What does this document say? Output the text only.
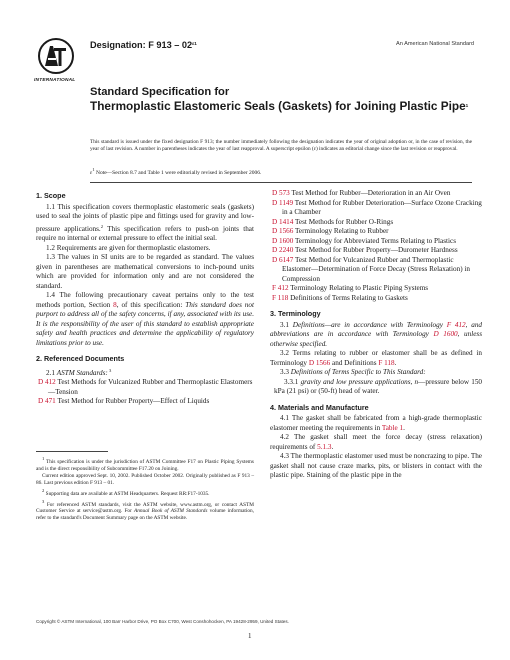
INTERNATIONAL
Designation: F $913 - 02^{\varepsilon 1}$	An American National Standard
Standard Specification for
Thermoplastic Elastomeric Seals (Gaskets) for Joining Plastic Pipe$^1$
This standard is issued under the fixed designation F 913; the number immediately following the designation indicates the year of original adoption or, in the case of revision, the year of last revision. A number in parentheses indicates the year of last reapproval. A superscript epsilon (ε) indicates an editorial change since the last revision or reapproval.
$\varepsilon^1$ Note—Section 8.7 and Table 1 were editorially revised in September 2006.

1. Scope

1.1 This specification covers thermoplastic elastomeric seals (gaskets) used to seal the joints of plastic pipe and fittings used for gravity and low-pressure applications.$^2$ This specification refers to push-on joints that require no internal or external pressure to effect the initial seal.

1.2 Requirements are given for thermoplastic elastomers.

1.3 The values in SI units are to be regarded as standard. The values given in parentheses are mathematical conversions to inch-pound units which are provided for information only and are not considered the standard.

1.4 The following precautionary caveat pertains only to the test methods portion, Section 8, of this specification: This standard does not purport to address all of the safety concerns, if any, associated with its use. It is the responsibility of the user of this standard to establish appropriate safety and health practices and determine the applicability of regulatory limitations prior to use.

2. Referenced Documents

2.1 ASTM Standards: $^3$

D 412 Test Methods for Vulcanized Rubber and Thermoplastic Elastomers—Tension

D 471 Test Method for Rubber Property—Effect of Liquids

1 This specification is under the jurisdiction of ASTM Committee F17 on Plastic Piping Systems and is the direct responsibility of Subcommittee F17.20 on Joining.

Current edition approved Sept. 10, 2002. Published October 2002. Originally published as F 913 – 86. Last previous edition F 913 – 01.

2 Supporting data are available at ASTM Headquarters. Request RR:F17-1035.

3 For referenced ASTM standards, visit the ASTM website, www.astm.org, or contact ASTM Customer Service at service@astm.org. For Annual Book of ASTM Standards volume information, refer to the standard's Document Summary page on the ASTM website.

D 573 Test Method for Rubber—Deterioration in an Air Oven

D 1149 Test Method for Rubber Deterioration—Surface Ozone Cracking in a Chamber

D 1414 Test Methods for Rubber O-Rings

D 1566 Terminology Relating to Rubber

D 1600 Terminology for Abbreviated Terms Relating to Plastics

D 2240 Test Method for Rubber Property—Durometer Hardness

D 6147 Test Method for Vulcanized Rubber and Thermoplastic Elastomer—Determination of Force Decay (Stress Relaxation) in Compression

F 412 Terminology Relating to Plastic Piping Systems

F 118 Definitions of Terms Relating to Gaskets

3. Terminology

3.1 Definitions—are in accordance with Terminology F 412, and abbreviations are in accordance with Terminology D 1600, unless otherwise specified.

3.2 Terms relating to rubber or elastomer shall be as defined in Terminology D 1566 and Definitions F 118.

3.3 Definitions of Terms Specific to This Standard:

3.3.1 gravity and low pressure applications, n—pressure below 150 kPa (21 psi) or (50-ft) head of water.

4. Materials and Manufacture

4.1 The gasket shall be fabricated from a high-grade thermoplastic elastomer meeting the requirements in Table 1.

4.2 The gasket shall meet the force decay (stress relaxation) requirements of 5.1.3.

4.3 The thermoplastic elastomer used must be noncrazing to pipe. The gasket shall not cause craze marks, pits, or blisters in contact with the plastic pipe. Staining of the plastic pipe in the

Copyright © ASTM International, 100 Barr Harbor Drive, PO Box C700, West Conshohocken, PA 19428-2959, United States.
1
